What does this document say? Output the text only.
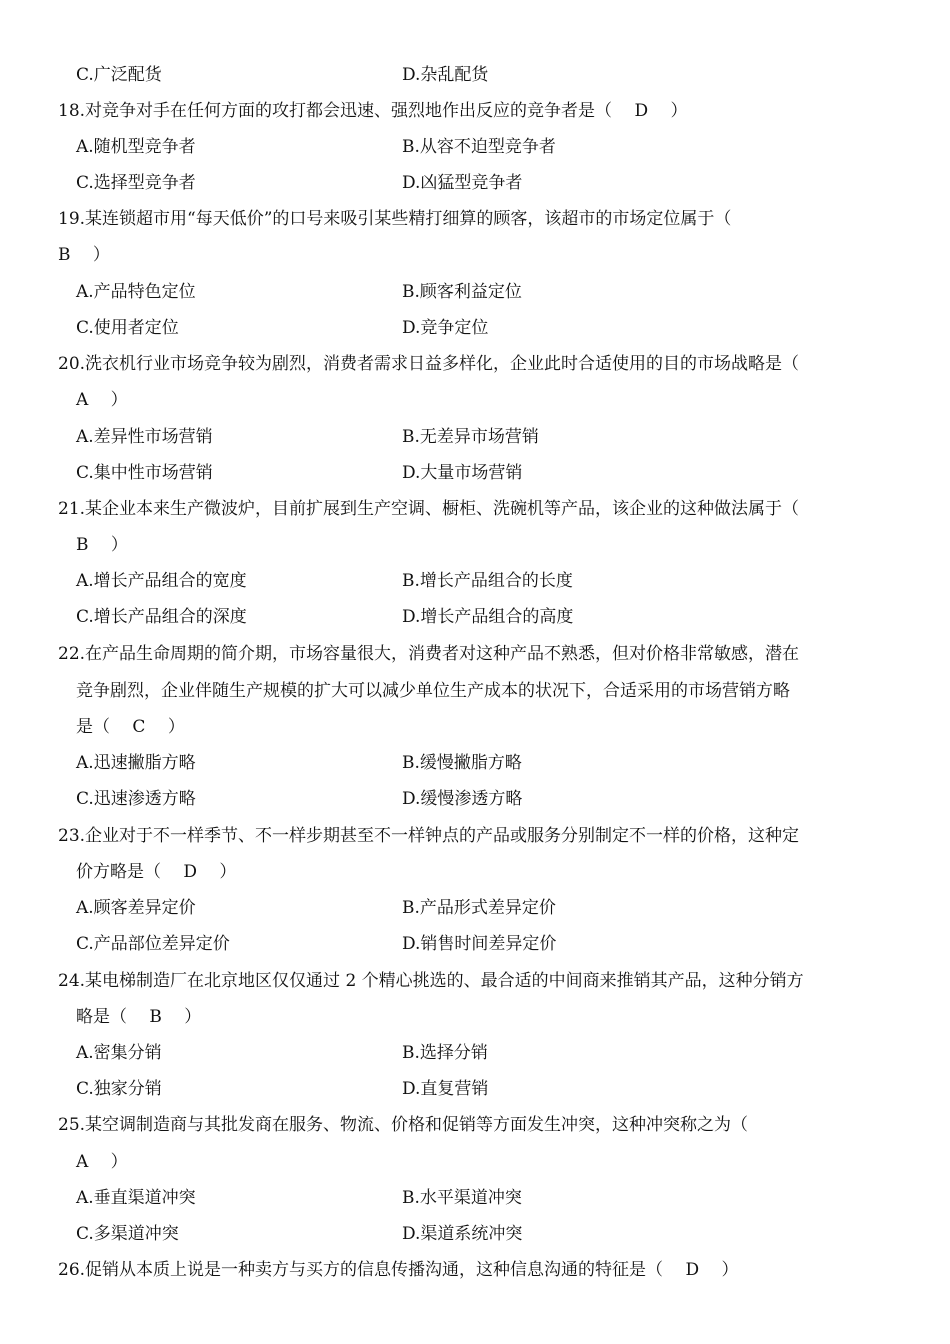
C.广泛配货	D.杂乱配货
18.对竞争对手在任何方面的攻打都会迅速、强烈地作出反应的竞争者是（　 D　 ）
A.随机型竞争者	B.从容不迫型竞争者
C.选择型竞争者	D.凶猛型竞争者
19.某连锁超市用“每天低价”的口号来吸引某些精打细算的顾客，该超市的市场定位属于（
B　 ）
A.产品特色定位	B.顾客利益定位
C.使用者定位	D.竞争定位
20.洗衣机行业市场竞争较为剧烈，消费者需求日益多样化，企业此时合适使用的目的市场战略是（
A　 ）
A.差异性市场营销	B.无差异市场营销
C.集中性市场营销	D.大量市场营销
21.某企业本来生产微波炉，目前扩展到生产空调、橱柜、洗碗机等产品，该企业的这种做法属于（
B　 ）
A.增长产品组合的宽度	B.增长产品组合的长度
C.增长产品组合的深度	D.增长产品组合的高度
22.在产品生命周期的简介期，市场容量很大，消费者对这种产品不熟悉，但对价格非常敏感，潜在
竞争剧烈，企业伴随生产规模的扩大可以减少单位生产成本的状况下，合适采用的市场营销方略
是（　 C　 ）
A.迅速撇脂方略	B.缓慢撇脂方略
C.迅速渗透方略	D.缓慢渗透方略
23.企业对于不一样季节、不一样步期甚至不一样钟点的产品或服务分别制定不一样的价格，这种定
价方略是（　 D　 ）
A.顾客差异定价	B.产品形式差异定价
C.产品部位差异定价	D.销售时间差异定价
24.某电梯制造厂在北京地区仅仅通过 2 个精心挑选的、最合适的中间商来推销其产品，这种分销方
略是（　 B　 ）
A.密集分销	B.选择分销
C.独家分销	D.直复营销
25.某空调制造商与其批发商在服务、物流、价格和促销等方面发生冲突，这种冲突称之为（
A　 ）
A.垂直渠道冲突	B.水平渠道冲突
C.多渠道冲突	D.渠道系统冲突
26.促销从本质上说是一种卖方与买方的信息传播沟通，这种信息沟通的特征是（　 D　 ）
